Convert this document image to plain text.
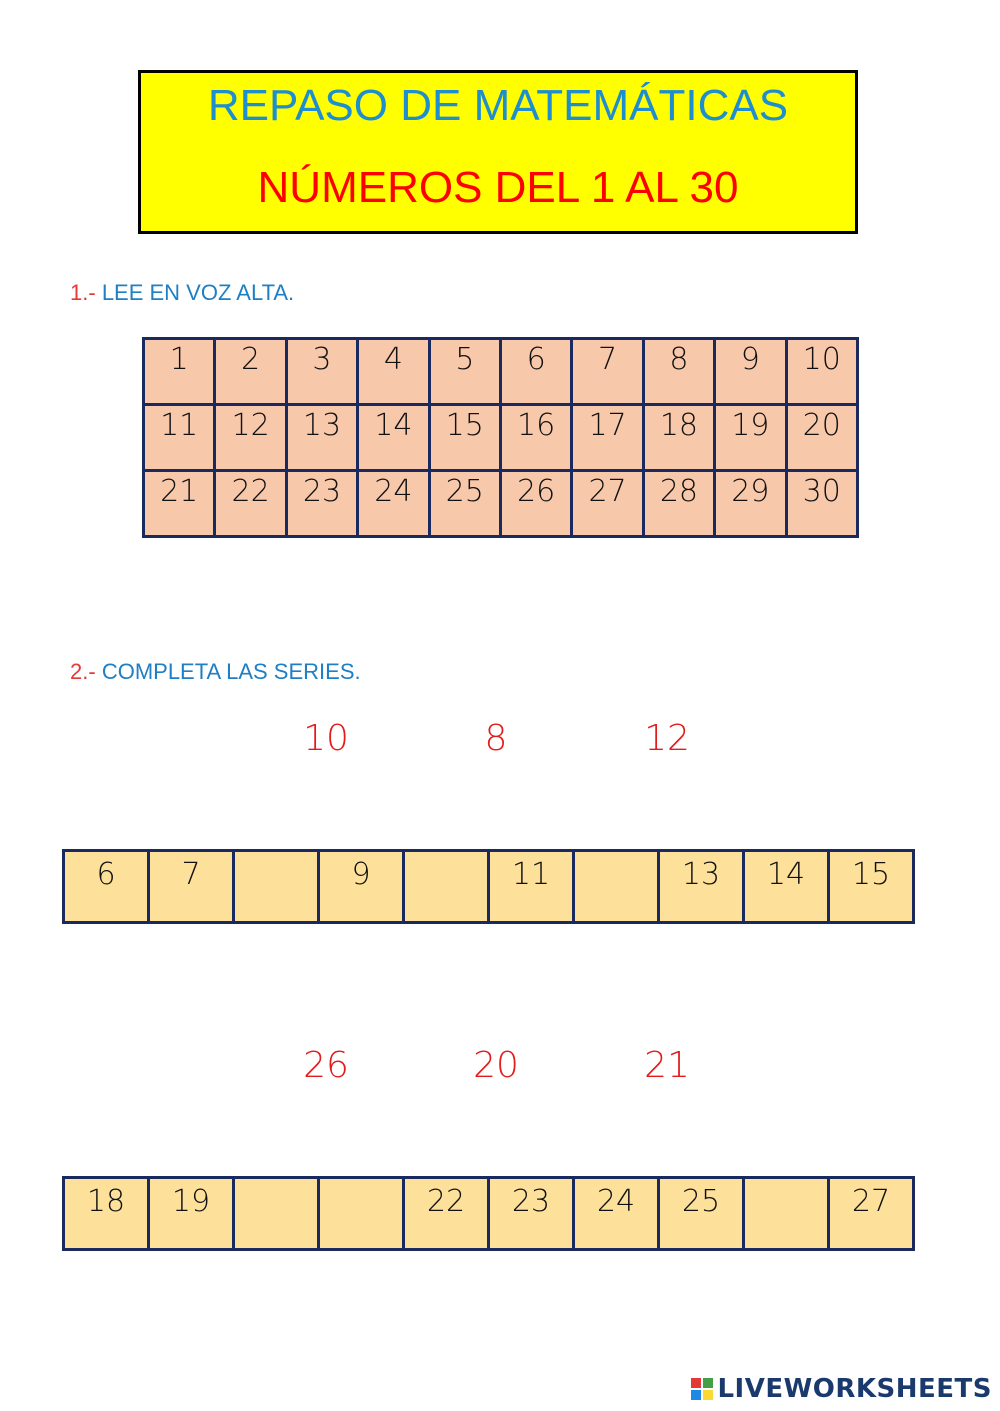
REPASO DE MATEMÁTICAS
NÚMEROS DEL 1 AL 30
1.- LEE EN VOZ ALTA.
1	2	3	4	5	6	7	8	9	10
11	12	13	14	15	16	17	18	19	20
21	22	23	24	25	26	27	28	29	30
2.- COMPLETA LAS SERIES.
10	8	12
6	7		9		11		13	14	15
26	20	21
18	19			22	23	24	25		27
LIVEWORKSHEETS
